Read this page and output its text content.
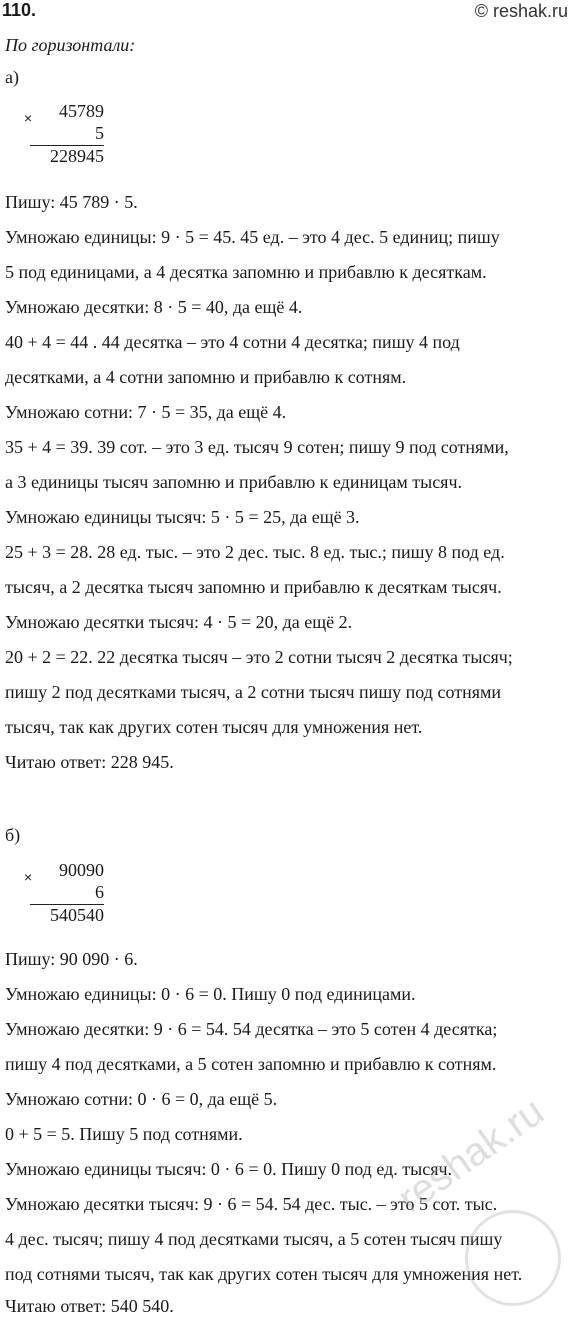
110.	© reshak.ru
По горизонтали:
а)
× 45789
5
228945
Пишу: 45 789 · 5.
Умножаю единицы: 9 · 5 = 45. 45 ед. – это 4 дес. 5 единиц; пишу
5 под единицами, а 4 десятка запомню и прибавлю к десяткам.
Умножаю десятки: 8 · 5 = 40, да ещё 4.
40 + 4 = 44 . 44 десятка – это 4 сотни 4 десятка; пишу 4 под
десятками, а 4 сотни запомню и прибавлю к сотням.
Умножаю сотни: 7 · 5 = 35, да ещё 4.
35 + 4 = 39. 39 сот. – это 3 ед. тысяч 9 сотен; пишу 9 под сотнями,
а 3 единицы тысяч запомню и прибавлю к единицам тысяч.
Умножаю единицы тысяч: 5 · 5 = 25, да ещё 3.
25 + 3 = 28. 28 ед. тыс. – это 2 дес. тыс. 8 ед. тыс.; пишу 8 под ед.
тысяч, а 2 десятка тысяч запомню и прибавлю к десяткам тысяч.
Умножаю десятки тысяч: 4 · 5 = 20, да ещё 2.
20 + 2 = 22. 22 десятка тысяч – это 2 сотни тысяч 2 десятка тысяч;
пишу 2 под десятками тысяч, а 2 сотни тысяч пишу под сотнями
тысяч, так как других сотен тысяч для умножения нет.
Читаю ответ: 228 945.
б)
× 90090
6
540540
Пишу: 90 090 · 6.
Умножаю единицы: 0 · 6 = 0. Пишу 0 под единицами.
Умножаю десятки: 9 · 6 = 54. 54 десятка – это 5 сотен 4 десятка;
пишу 4 под десятками, а 5 сотен запомню и прибавлю к сотням.
Умножаю сотни: 0 · 6 = 0, да ещё 5.
0 + 5 = 5. Пишу 5 под сотнями.
Умножаю единицы тысяч: 0 · 6 = 0. Пишу 0 под ед. тысяч.
Умножаю десятки тысяч: 9 · 6 = 54. 54 дес. тыс. – это 5 сот. тыс.
4 дес. тысяч; пишу 4 под десятками тысяч, а 5 сотен тысяч пишу
под сотнями тысяч, так как других сотен тысяч для умножения нет.
Читаю ответ: 540 540.
reshak.ru
